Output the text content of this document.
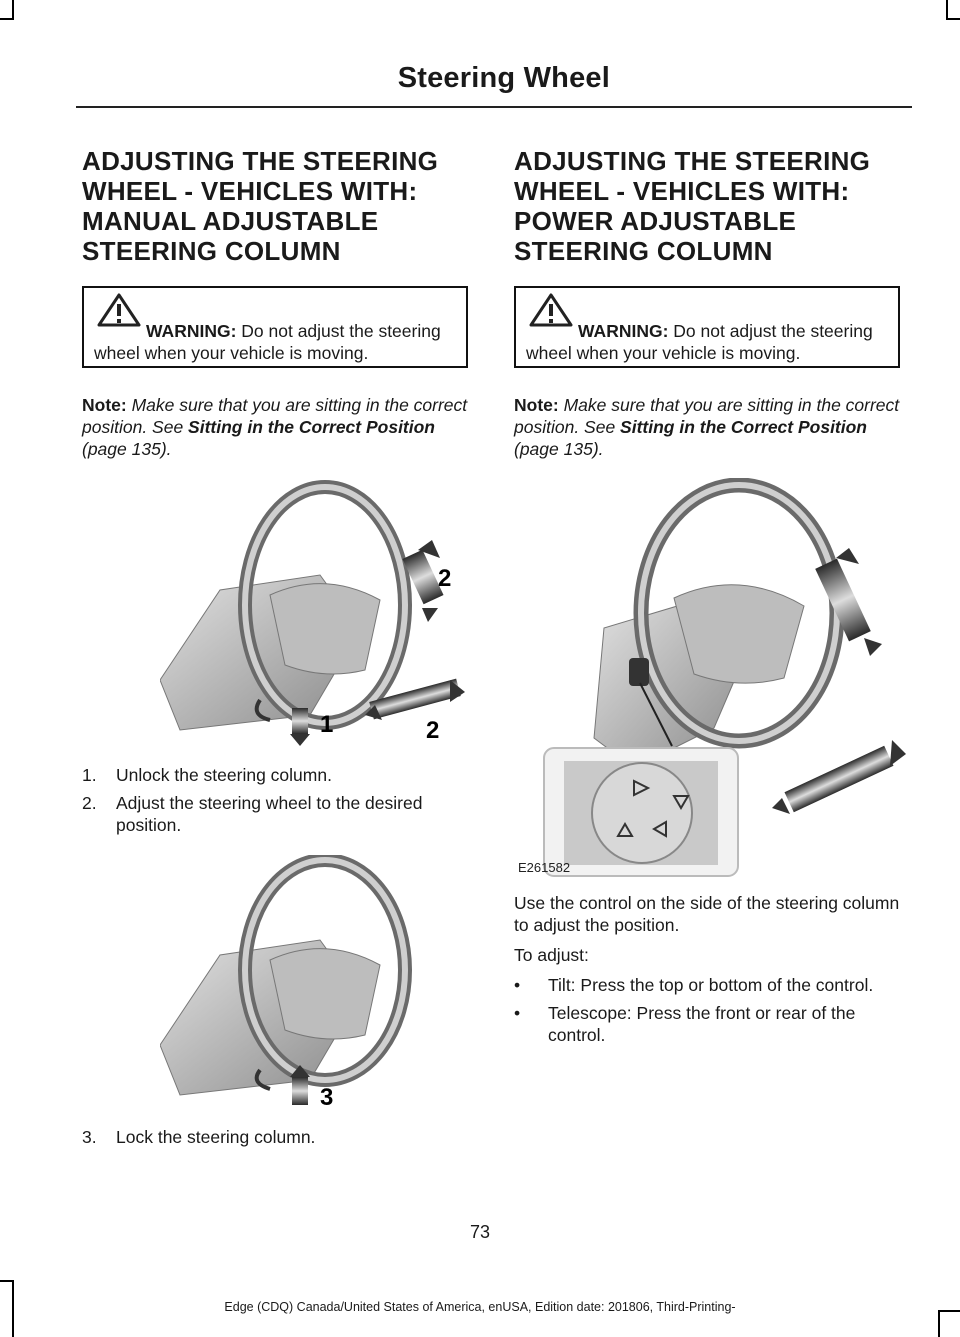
Steering Wheel
ADJUSTING THE STEERING
WHEEL - VEHICLES WITH:
MANUAL ADJUSTABLE
STEERING COLUMN
WARNING: Do not adjust the steering wheel when your vehicle is moving.
Note: Make sure that you are sitting in the correct position. See Sitting in the Correct Position (page 135).
2
1	2
1. Unlock the steering column.
2. Adjust the steering wheel to the desired position.
3
3. Lock the steering column.
ADJUSTING THE STEERING
WHEEL - VEHICLES WITH:
POWER ADJUSTABLE
STEERING COLUMN
WARNING: Do not adjust the steering wheel when your vehicle is moving.
Note: Make sure that you are sitting in the correct position. See Sitting in the Correct Position (page 135).
E261582
Use the control on the side of the steering column to adjust the position.
To adjust:
• Tilt: Press the top or bottom of the control.
• Telescope: Press the front or rear of the control.
73
Edge (CDQ) Canada/United States of America, enUSA, Edition date: 201806, Third-Printing-
